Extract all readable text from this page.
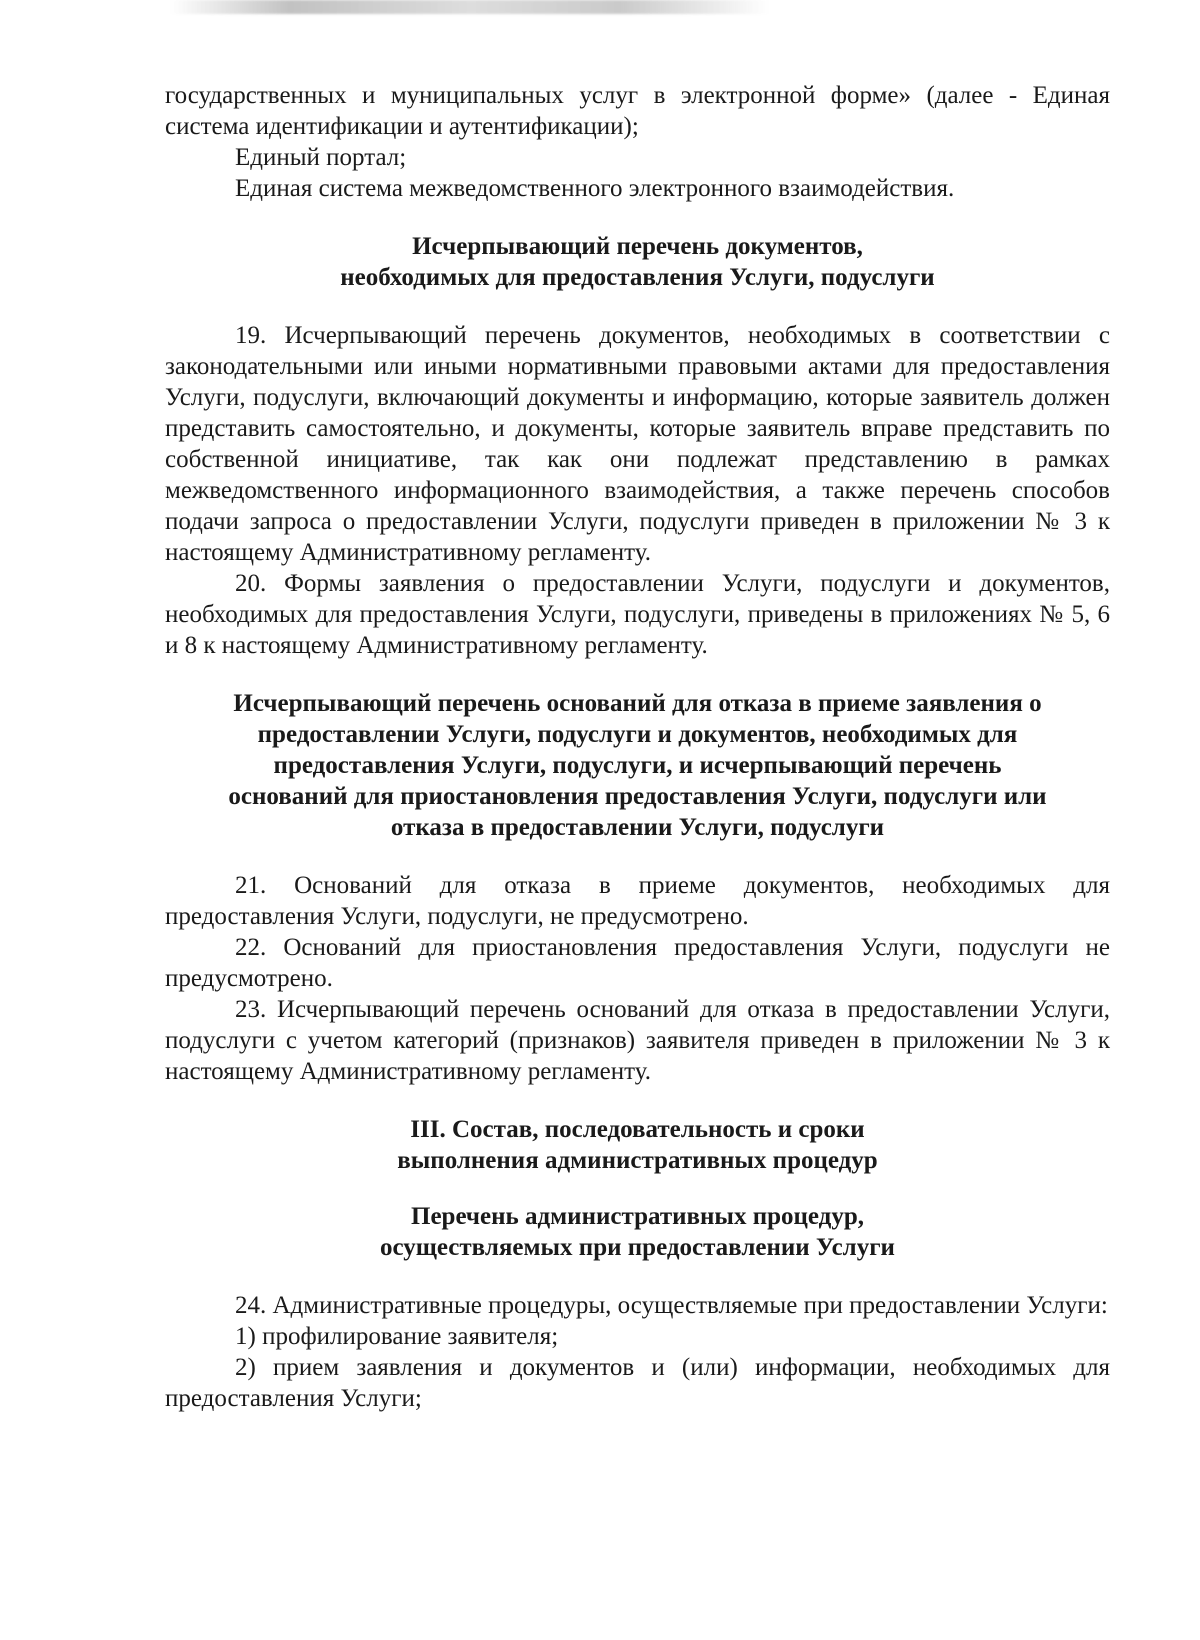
государственных и муниципальных услуг в электронной форме» (далее - Единая система идентификации и аутентификации);

Единый портал;

Единая система межведомственного электронного взаимодействия.

Исчерпывающий перечень документов,
необходимых для предоставления Услуги, подуслуги

19. Исчерпывающий перечень документов, необходимых в соответствии с законодательными или иными нормативными правовыми актами для предоставления Услуги, подуслуги, включающий документы и информацию, которые заявитель должен представить самостоятельно, и документы, которые заявитель вправе представить по собственной инициативе, так как они подлежат представлению в рамках межведомственного информационного взаимодействия, а также перечень способов подачи запроса о предоставлении Услуги, подуслуги приведен в приложении № 3 к настоящему Административному регламенту.

20. Формы заявления о предоставлении Услуги, подуслуги и документов, необходимых для предоставления Услуги, подуслуги, приведены в приложениях № 5, 6 и 8 к настоящему Административному регламенту.

Исчерпывающий перечень оснований для отказа в приеме заявления о
предоставлении Услуги, подуслуги и документов, необходимых для
предоставления Услуги, подуслуги, и исчерпывающий перечень
оснований для приостановления предоставления Услуги, подуслуги или
отказа в предоставлении Услуги, подуслуги

21. Оснований для отказа в приеме документов, необходимых для предоставления Услуги, подуслуги, не предусмотрено.

22. Оснований для приостановления предоставления Услуги, подуслуги не предусмотрено.

23. Исчерпывающий перечень оснований для отказа в предоставлении Услуги, подуслуги с учетом категорий (признаков) заявителя приведен в приложении № 3 к настоящему Административному регламенту.

III. Состав, последовательность и сроки
выполнения административных процедур
Перечень административных процедур,
осуществляемых при предоставлении Услуги

24. Административные процедуры, осуществляемые при предоставлении Услуги:

1) профилирование заявителя;

2) прием заявления и документов и (или) информации, необходимых для предоставления Услуги;
